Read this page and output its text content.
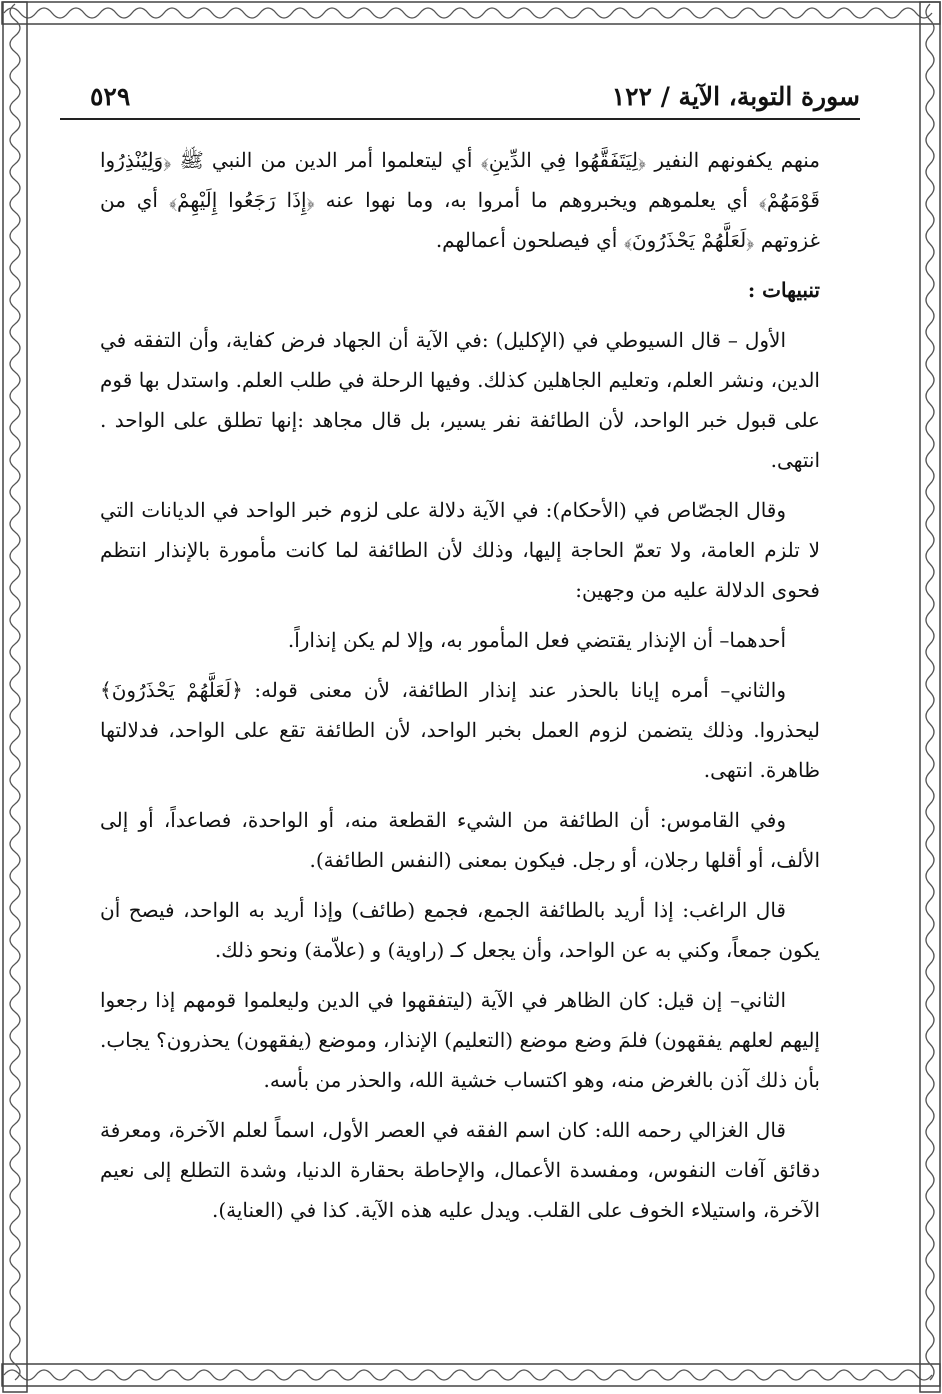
سورة التوبة، الآية / ١٢٢
٥٢٩

منهم يكفونهم النفير ﴿لِيَتَفَقَّهُوا فِي الدِّينِ﴾ أي ليتعلموا أمر الدين من النبي ﷺ ﴿وَلِيُنْذِرُوا قَوْمَهُمْ﴾ أي يعلموهم ويخبروهم ما أمروا به، وما نهوا عنه ﴿إِذَا رَجَعُوا إِلَيْهِمْ﴾ أي من غزوتهم ﴿لَعَلَّهُمْ يَحْذَرُونَ﴾ أي فيصلحون أعمالهم.

تنبيهات :

الأول – قال السيوطي في (الإكليل) :في الآية أن الجهاد فرض كفاية، وأن التفقه في الدين، ونشر العلم، وتعليم الجاهلين كذلك. وفيها الرحلة في طلب العلم. واستدل بها قوم على قبول خبر الواحد، لأن الطائفة نفر يسير، بل قال مجاهد :إنها تطلق على الواحد . انتهى.

وقال الجصّاص في (الأحكام): في الآية دلالة على لزوم خبر الواحد في الديانات التي لا تلزم العامة، ولا تعمّ الحاجة إليها، وذلك لأن الطائفة لما كانت مأمورة بالإنذار انتظم فحوى الدلالة عليه من وجهين:

أحدهما– أن الإنذار يقتضي فعل المأمور به، وإلا لم يكن إنذاراً.

والثاني– أمره إيانا بالحذر عند إنذار الطائفة، لأن معنى قوله: ﴿لَعَلَّهُمْ يَحْذَرُونَ﴾ ليحذروا. وذلك يتضمن لزوم العمل بخبر الواحد، لأن الطائفة تقع على الواحد، فدلالتها ظاهرة. انتهى.

وفي القاموس: أن الطائفة من الشيء القطعة منه، أو الواحدة، فصاعداً، أو إلى الألف، أو أقلها رجلان، أو رجل. فيكون بمعنى (النفس الطائفة).

قال الراغب: إذا أريد بالطائفة الجمع، فجمع (طائف) وإذا أريد به الواحد، فيصح أن يكون جمعاً، وكني به عن الواحد، وأن يجعل كـ (راوية) و (علاّمة) ونحو ذلك.

الثاني– إن قيل: كان الظاهر في الآية (ليتفقهوا في الدين وليعلموا قومهم إذا رجعوا إليهم لعلهم يفقهون) فلمَ وضع موضع (التعليم) الإنذار، وموضع (يفقهون) يحذرون؟ يجاب. بأن ذلك آذن بالغرض منه، وهو اكتساب خشية الله، والحذر من بأسه.

قال الغزالي رحمه الله: كان اسم الفقه في العصر الأول، اسماً لعلم الآخرة، ومعرفة دقائق آفات النفوس، ومفسدة الأعمال، والإحاطة بحقارة الدنيا، وشدة التطلع إلى نعيم الآخرة، واستيلاء الخوف على القلب. ويدل عليه هذه الآية. كذا في (العناية).
